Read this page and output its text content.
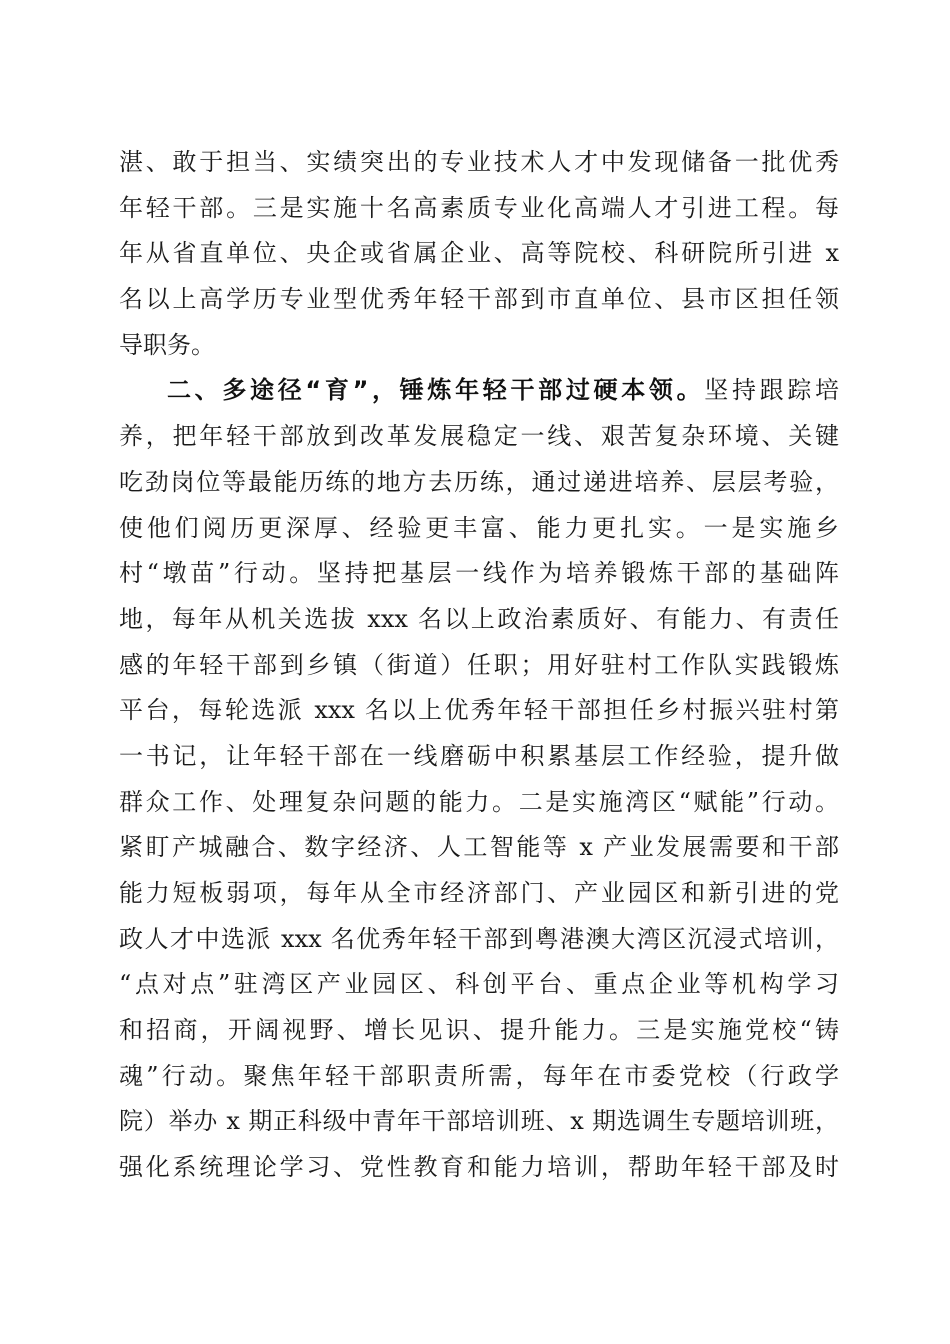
湛、敢于担当、实绩突出的专业技术人才中发现储备一批优秀
年轻干部。三是实施十名高素质专业化高端人才引进工程。每
年从省直单位、央企或省属企业、高等院校、科研院所引进 x
名以上高学历专业型优秀年轻干部到市直单位、县市区担任领
导职务。
二、多途径“育”，锤炼年轻干部过硬本领。坚持跟踪培
养，把年轻干部放到改革发展稳定一线、艰苦复杂环境、关键
吃劲岗位等最能历练的地方去历练，通过递进培养、层层考验，
使他们阅历更深厚、经验更丰富、能力更扎实。一是实施乡
村“墩苗”行动。坚持把基层一线作为培养锻炼干部的基础阵
地，每年从机关选拔 xxx 名以上政治素质好、有能力、有责任
感的年轻干部到乡镇（街道）任职；用好驻村工作队实践锻炼
平台，每轮选派 xxx 名以上优秀年轻干部担任乡村振兴驻村第
一书记，让年轻干部在一线磨砺中积累基层工作经验，提升做
群众工作、处理复杂问题的能力。二是实施湾区“赋能”行动。
紧盯产城融合、数字经济、人工智能等 x 产业发展需要和干部
能力短板弱项，每年从全市经济部门、产业园区和新引进的党
政人才中选派 xxx 名优秀年轻干部到粤港澳大湾区沉浸式培训，
“点对点”驻湾区产业园区、科创平台、重点企业等机构学习
和招商，开阔视野、增长见识、提升能力。三是实施党校“铸
魂”行动。聚焦年轻干部职责所需，每年在市委党校（行政学
院）举办 x 期正科级中青年干部培训班、x 期选调生专题培训班，
强化系统理论学习、党性教育和能力培训，帮助年轻干部及时
